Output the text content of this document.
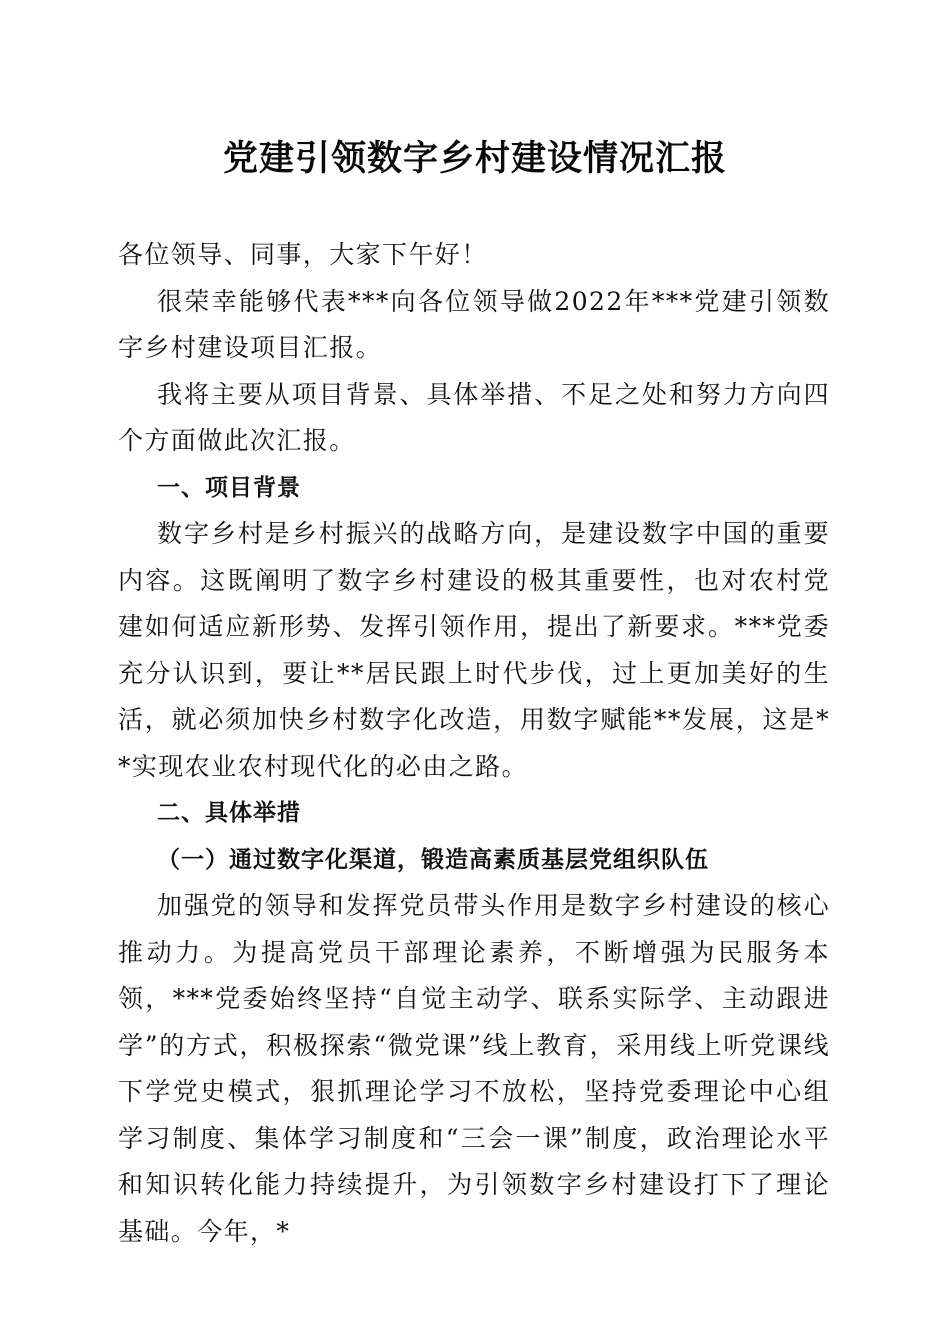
党建引领数字乡村建设情况汇报

各位领导、同事，大家下午好！

很荣幸能够代表***向各位领导做2022年***党建引领数字乡村建设项目汇报。

我将主要从项目背景、具体举措、不足之处和努力方向四个方面做此次汇报。

一、项目背景

数字乡村是乡村振兴的战略方向，是建设数字中国的重要内容。这既阐明了数字乡村建设的极其重要性，也对农村党建如何适应新形势、发挥引领作用，提出了新要求。***党委充分认识到，要让**居民跟上时代步伐，过上更加美好的生活，就必须加快乡村数字化改造，用数字赋能**发展，这是**实现农业农村现代化的必由之路。

二、具体举措

（一）通过数字化渠道，锻造高素质基层党组织队伍

加强党的领导和发挥党员带头作用是数字乡村建设的核心推动力。为提高党员干部理论素养，不断增强为民服务本领，***党委始终坚持“自觉主动学、联系实际学、主动跟进学”的方式，积极探索“微党课”线上教育，采用线上听党课线下学党史模式，狠抓理论学习不放松，坚持党委理论中心组学习制度、集体学习制度和“三会一课”制度，政治理论水平和知识转化能力持续提升，为引领数字乡村建设打下了理论基础。今年，*
